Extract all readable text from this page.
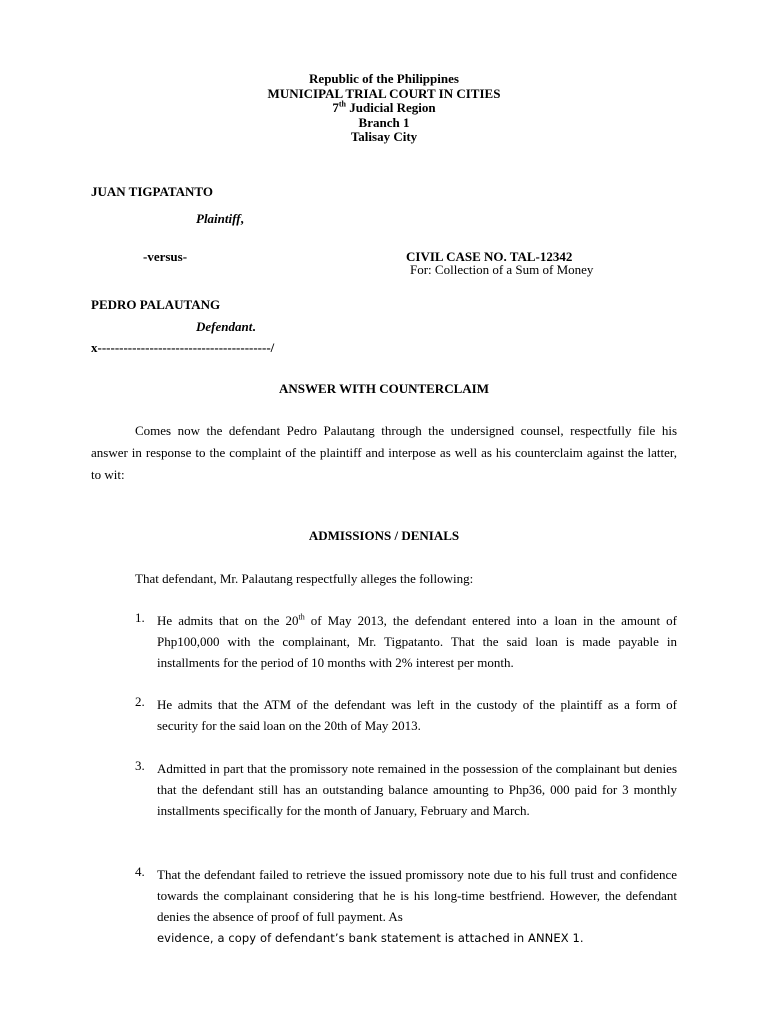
Republic of the Philippines
MUNICIPAL TRIAL COURT IN CITIES
7th Judicial Region
Branch 1
Talisay City
JUAN TIGPATANTO
Plaintiff,
-versus-	CIVIL CASE NO. TAL-12342
For: Collection of a Sum of Money
PEDRO PALAUTANG
Defendant.
x----------------------------------------/
ANSWER WITH COUNTERCLAIM
Comes now the defendant Pedro Palautang through the undersigned counsel, respectfully file his answer in response to the complaint of the plaintiff and interpose as well as his counterclaim against the latter, to wit:
ADMISSIONS / DENIALS
That defendant, Mr. Palautang respectfully alleges the following:
1. He admits that on the 20th of May 2013, the defendant entered into a loan in the amount of Php100,000 with the complainant, Mr. Tigpatanto. That the said loan is made payable in installments for the period of 10 months with 2% interest per month.
2. He admits that the ATM of the defendant was left in the custody of the plaintiff as a form of security for the said loan on the 20th of May 2013.
3. Admitted in part that the promissory note remained in the possession of the complainant but denies that the defendant still has an outstanding balance amounting to Php36, 000 paid for 3 monthly installments specifically for the month of January, February and March.
4. That the defendant failed to retrieve the issued promissory note due to his full trust and confidence towards the complainant considering that he is his long-time bestfriend. However, the defendant denies the absence of proof of full payment. As
evidence, a copy of defendant’s bank statement is attached in ANNEX 1.
